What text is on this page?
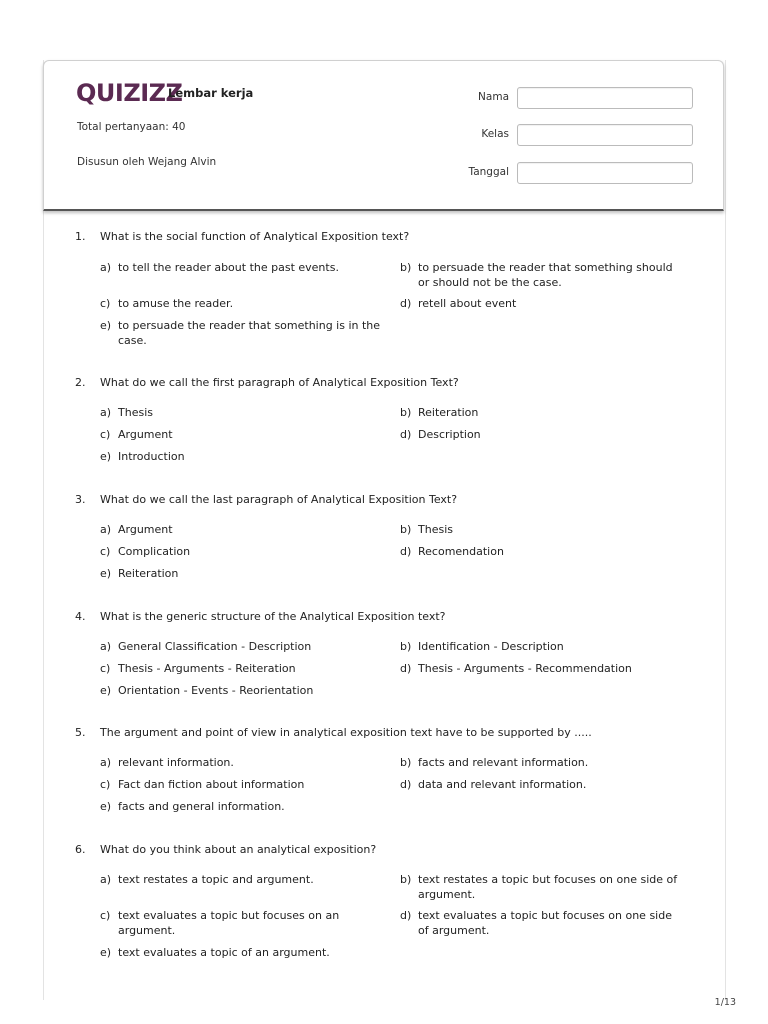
QUIZIZZ
Lembar kerja
Total pertanyaan: 40
Disusun oleh Wejang Alvin
Nama
Kelas
Tanggal
1. What is the social function of Analytical Exposition text?
a) to tell the reader about the past events.	b) to persuade the reader that something should or should not be the case.
c) to amuse the reader.	d) retell about event
e) to persuade the reader that something is in the case.
2. What do we call the first paragraph of Analytical Exposition Text?
a) Thesis	b) Reiteration
c) Argument	d) Description
e) Introduction
3. What do we call the last paragraph of Analytical Exposition Text?
a) Argument	b) Thesis
c) Complication	d) Recomendation
e) Reiteration
4. What is the generic structure of the Analytical Exposition text?
a) General Classification - Description	b) Identification - Description
c) Thesis - Arguments - Reiteration	d) Thesis - Arguments - Recommendation
e) Orientation - Events - Reorientation
5. The argument and point of view in analytical exposition text have to be supported by .....
a) relevant information.	b) facts and relevant information.
c) Fact dan fiction about information	d) data and relevant information.
e) facts and general information.
6. What do you think about an analytical exposition?
a) text restates a topic and argument.	b) text restates a topic but focuses on one side of argument.
c) text evaluates a topic but focuses on an argument.
d) text evaluates a topic but focuses on one side of argument.
e) text evaluates a topic of an argument.
1/13
